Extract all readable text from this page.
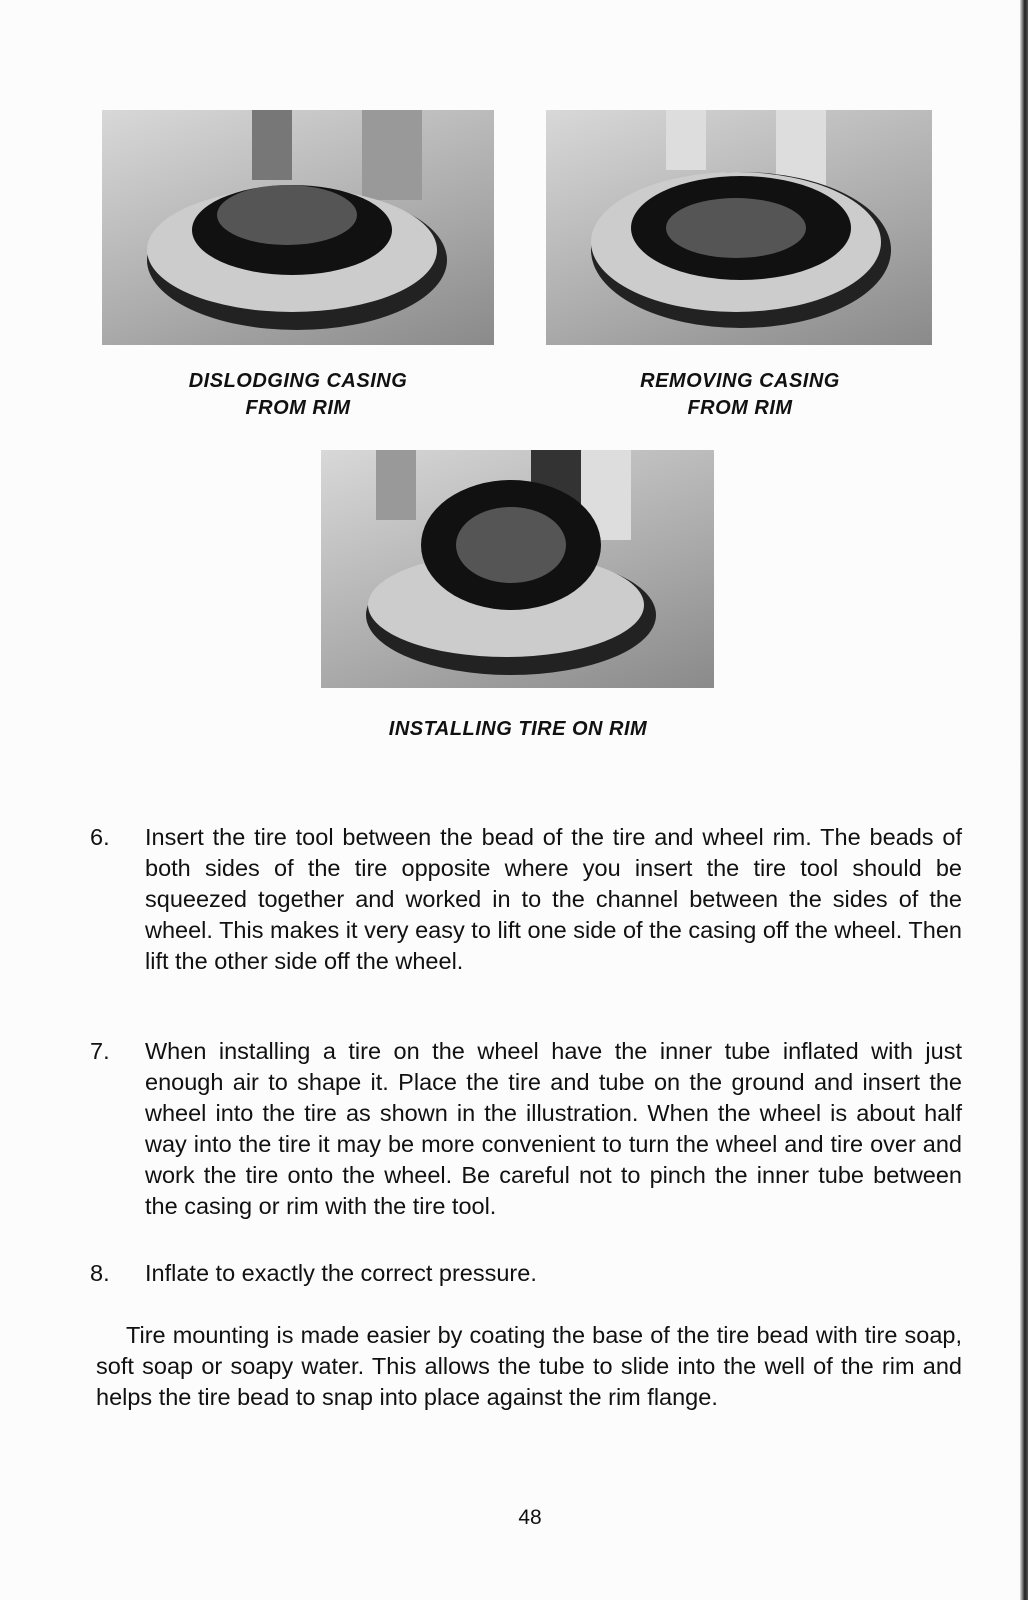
DISLODGING CASING
FROM RIM
REMOVING CASING
FROM RIM
INSTALLING TIRE ON RIM
6. Insert the tire tool between the bead of the tire and wheel rim. The beads of both sides of the tire opposite where you insert the tire tool should be squeezed together and worked in to the channel between the sides of the wheel. This makes it very easy to lift one side of the casing off the wheel. Then lift the other side off the wheel.
7. When installing a tire on the wheel have the inner tube inflated with just enough air to shape it. Place the tire and tube on the ground and insert the wheel into the tire as shown in the illustration. When the wheel is about half way into the tire it may be more convenient to turn the wheel and tire over and work the tire onto the wheel. Be careful not to pinch the inner tube between the casing or rim with the tire tool.
8. Inflate to exactly the correct pressure.
Tire mounting is made easier by coating the base of the tire bead with tire soap, soft soap or soapy water. This allows the tube to slide into the well of the rim and helps the tire bead to snap into place against the rim flange.
48
